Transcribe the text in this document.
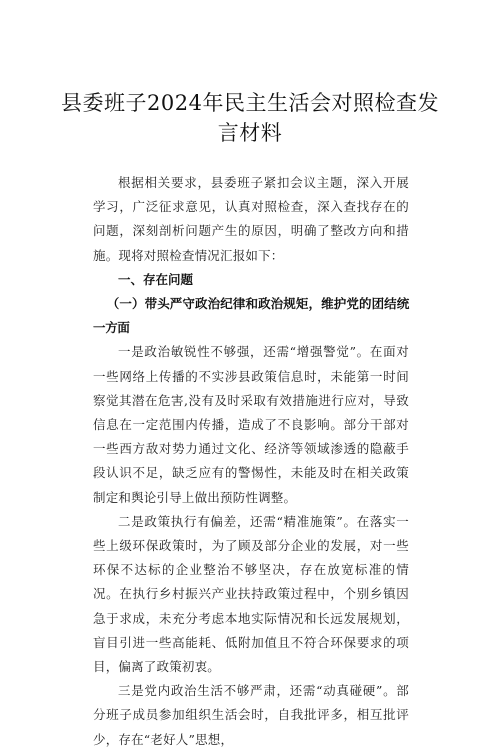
县委班子2024年民主生活会对照检查发言材料

根据相关要求，县委班子紧扣会议主题，深入开展学习，广泛征求意见，认真对照检查，深入查找存在的问题，深刻剖析问题产生的原因，明确了整改方向和措施。现将对照检查情况汇报如下：

一、存在问题

（一）带头严守政治纪律和政治规矩，维护党的团结统一方面

一是政治敏锐性不够强，还需“增强警觉”。在面对一些网络上传播的不实涉县政策信息时，未能第一时间察觉其潜在危害,没有及时采取有效措施进行应对，导致信息在一定范围内传播，造成了不良影响。部分干部对一些西方敌对势力通过文化、经济等领域渗透的隐蔽手段认识不足，缺乏应有的警惕性，未能及时在相关政策制定和舆论引导上做出预防性调整。

二是政策执行有偏差，还需“精准施策”。在落实一些上级环保政策时，为了顾及部分企业的发展，对一些环保不达标的企业整治不够坚决，存在放宽标准的情况。在执行乡村振兴产业扶持政策过程中，个别乡镇因急于求成，未充分考虑本地实际情况和长远发展规划，盲目引进一些高能耗、低附加值且不符合环保要求的项目，偏离了政策初衷。

三是党内政治生活不够严肃，还需“动真碰硬”。部分班子成员参加组织生活会时，自我批评多，相互批评少，存在“老好人”思想，
